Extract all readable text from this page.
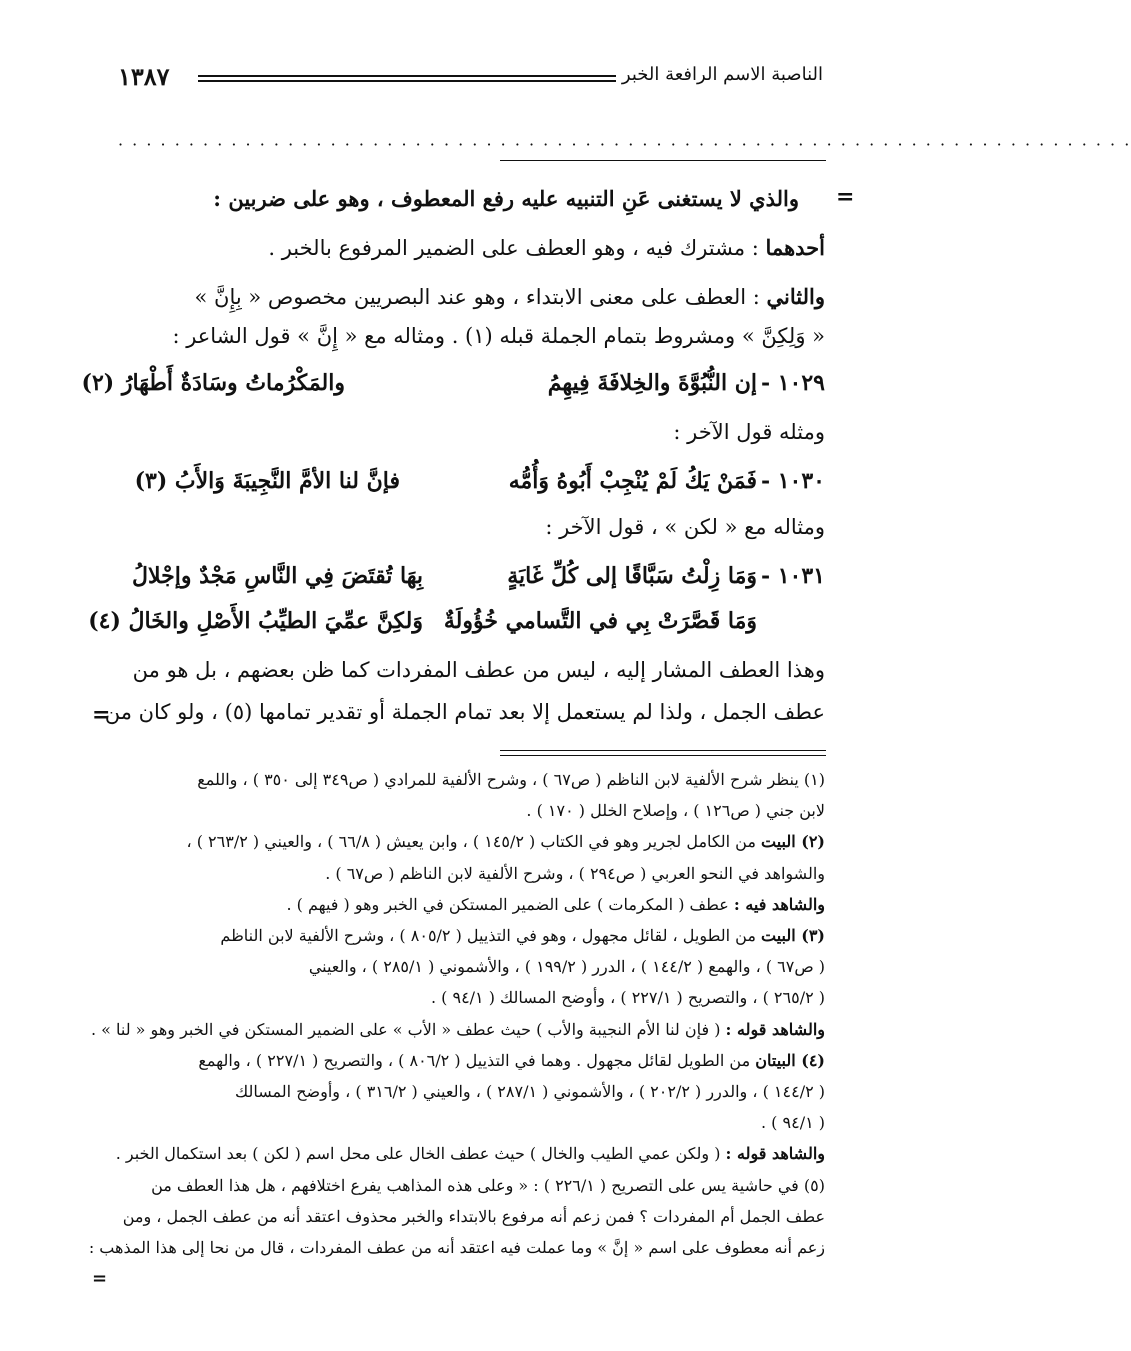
١٣٨٧	الناصبة الاسم الرافعة الخبر
· · · · · · · · · · · · · · · · · · · · · · · · · · · · · · · · · · · · · · · · · · · · · · · · · · · · · · · · · · · · · · · · · · · · · · · ·
=
والذي لا يستغنى عَنِ التنبيه عليه رفع المعطوف ، وهو على ضربين :
أحدهما : مشترك فيه ، وهو العطف على الضمير المرفوع بالخبر .
والثاني : العطف على معنى الابتداء ، وهو عند البصريين مخصوص « بِإِنَّ »
« وَلِكِنَّ » ومشروط بتمام الجملة قبله (١) . ومثاله مع « إِنَّ » قول الشاعر :
١٠٢٩ -
إن النُّبُوَّةَ والخِلافَةَ فِيهِمُ
والمَكْرُماتُ وسَادَةٌ أَطْهَارُ (٢)
ومثله قول الآخر :
١٠٣٠ -
فَمَنْ يَكُ لَمْ يُنْجِبْ أَبُوهُ وَأُمُّه
فإنَّ لنا الأمَّ النَّجِيبَةَ وَالأَبُ (٣)
ومثاله مع « لكن » ، قول الآخر :
١٠٣١ -
وَمَا زِلْتُ سَبَّاقًا إلى كُلِّ غَايَةٍ
بِهَا تُقتَضَ فِي النَّاسِ مَجْدٌ وإجْلالُ
وَمَا قَصَّرَتْ بِي في التَّسامي خُؤُولَةٌ
وَلكِنَّ عمِّيَ الطيِّبُ الأَصْلِ والخَالُ (٤)
وهذا العطف المشار إليه ، ليس من عطف المفردات كما ظن بعضهم ، بل هو من
عطف الجمل ، ولذا لم يستعمل إلا بعد تمام الجملة أو تقدير تمامها (٥) ، ولو كان من
=
(١) ينظر شرح الألفية لابن الناظم ( ص٦٧ ) ، وشرح الألفية للمرادي ( ص٣٤٩ إلى ٣٥٠ ) ، واللمع
لابن جني ( ص١٢٦ ) ، وإصلاح الخلل ( ١٧٠ ) .
(٢) البيت من الكامل لجرير وهو في الكتاب ( ١٤٥/٢ ) ، وابن يعيش ( ٦٦/٨ ) ، والعيني ( ٢٦٣/٢ ) ،
والشواهد في النحو العربي ( ص٢٩٤ ) ، وشرح الألفية لابن الناظم ( ص٦٧ ) .
والشاهد فيه : عطف ( المكرمات ) على الضمير المستكن في الخبر وهو ( فيهم ) .
(٣) البيت من الطويل ، لقائل مجهول ، وهو في التذييل ( ٨٠٥/٢ ) ، وشرح الألفية لابن الناظم
( ص٦٧ ) ، والهمع ( ١٤٤/٢ ) ، الدرر ( ١٩٩/٢ ) ، والأشموني ( ٢٨٥/١ ) ، والعيني
( ٢٦٥/٢ ) ، والتصريح ( ٢٢٧/١ ) ، وأوضح المسالك ( ٩٤/١ ) .
والشاهد قوله : ( فإن لنا الأم النجيبة والأب ) حيث عطف « الأب » على الضمير المستكن في الخبر وهو « لنا » .
(٤) البيتان من الطويل لقائل مجهول . وهما في التذييل ( ٨٠٦/٢ ) ، والتصريح ( ٢٢٧/١ ) ، والهمع
( ١٤٤/٢ ) ، والدرر ( ٢٠٢/٢ ) ، والأشموني ( ٢٨٧/١ ) ، والعيني ( ٣١٦/٢ ) ، وأوضح المسالك
( ٩٤/١ ) .
والشاهد قوله : ( ولكن عمي الطيب والخال ) حيث عطف الخال على محل اسم ( لكن ) بعد استكمال الخبر .
(٥) في حاشية يس على التصريح ( ٢٢٦/١ ) : « وعلى هذه المذاهب يفرع اختلافهم ، هل هذا العطف من
عطف الجمل أم المفردات ؟ فمن زعم أنه مرفوع بالابتداء والخبر محذوف اعتقد أنه من عطف الجمل ، ومن
زعم أنه معطوف على اسم « إنَّ » وما عملت فيه اعتقد أنه من عطف المفردات ، قال من نحا إلى هذا المذهب :
=
